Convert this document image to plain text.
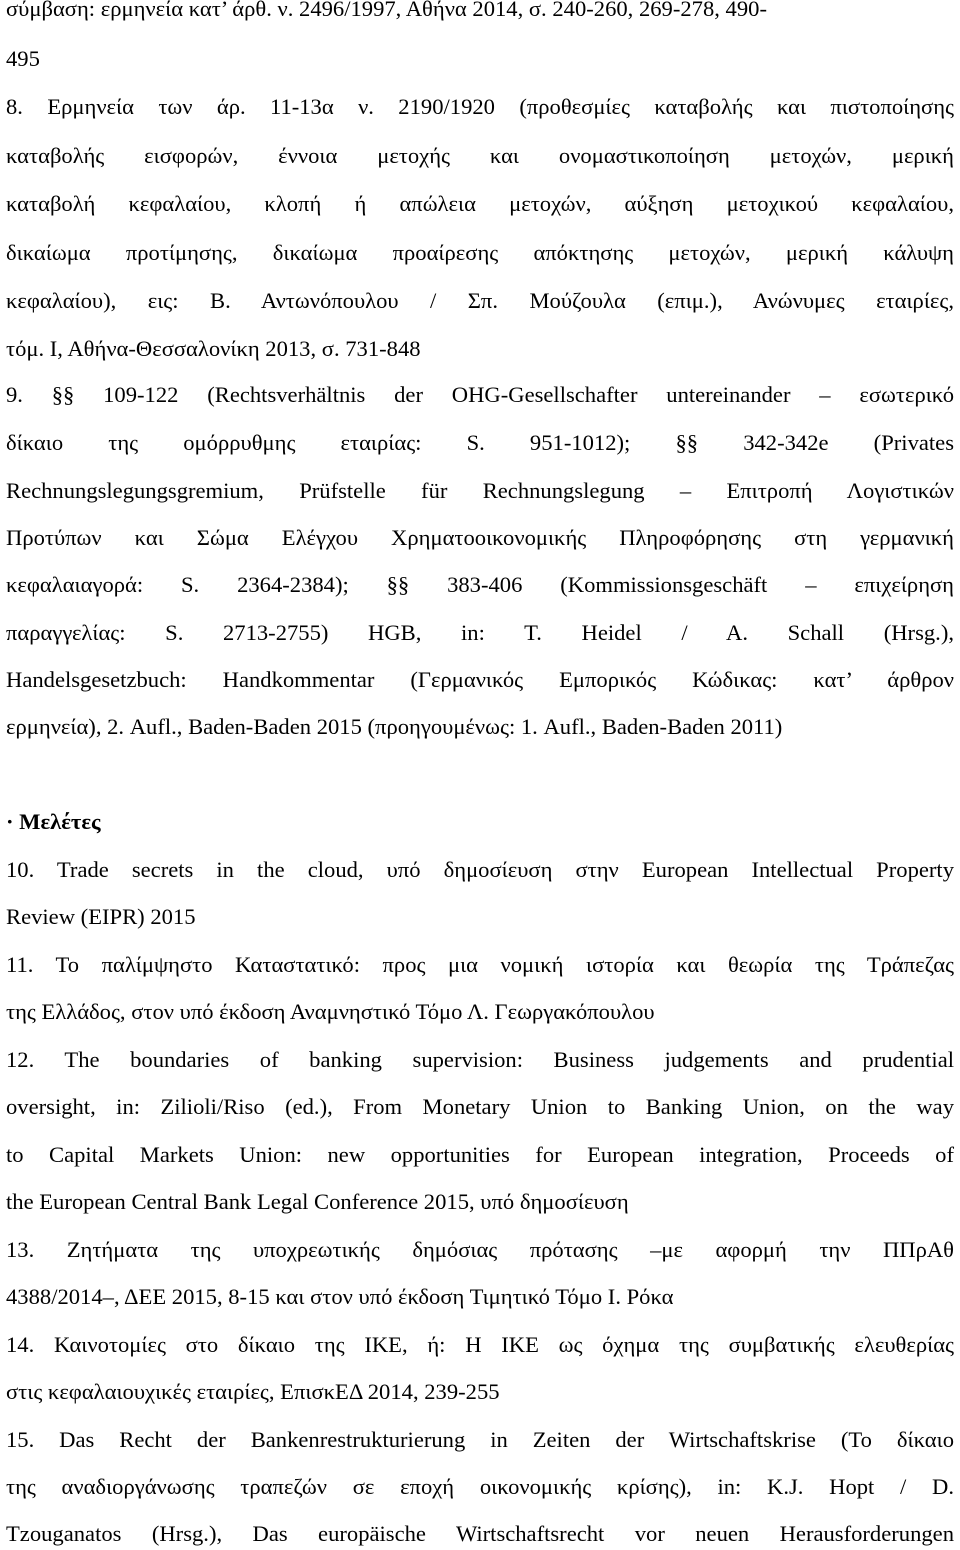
σύμβαση: ερμηνεία κατ’ άρθ. ν. 2496/1997, Αθήνα 2014, σ. 240-260, 269-278, 490-
495
8. Ερμηνεία των άρ. 11-13α ν. 2190/1920 (προθεσμίες καταβολής και πιστοποίησης
καταβολής εισφορών, έννοια μετοχής και ονομαστικοποίηση μετοχών, μερική
καταβολή κεφαλαίου, κλοπή ή απώλεια μετοχών, αύξηση μετοχικού κεφαλαίου,
δικαίωμα προτίμησης, δικαίωμα προαίρεσης απόκτησης μετοχών, μερική κάλυψη
κεφαλαίου), εις: Β. Αντωνόπουλου / Σπ. Μούζουλα (επιμ.), Ανώνυμες εταιρίες,
τόμ. Ι, Αθήνα-Θεσσαλονίκη 2013, σ. 731-848
9. §§ 109-122 (Rechtsverhältnis der OHG-Gesellschafter untereinander – εσωτερικό
δίκαιο της ομόρρυθμης εταιρίας: S. 951-1012); §§ 342-342e (Privates
Rechnungslegungsgremium, Prüfstelle für Rechnungslegung – Επιτροπή Λογιστικών
Προτύπων και Σώμα Ελέγχου Χρηματοοικονομικής Πληροφόρησης στη γερμανική
κεφαλαιαγορά: S. 2364-2384); §§ 383-406 (Kommissionsgeschäft – επιχείρηση
παραγγελίας: S. 2713-2755) HGB, in: T. Heidel / A. Schall (Hrsg.),
Handelsgesetzbuch: Handkommentar (Γερμανικός Εμπορικός Κώδικας: κατ’ άρθρον
ερμηνεία), 2. Aufl., Baden-Baden 2015 (προηγουμένως: 1. Aufl., Baden-Baden 2011)
· Μελέτες
10. Trade secrets in the cloud, υπό δημοσίευση στην European Intellectual Property
Review (EIPR) 2015
11. Το παλίμψηστο Καταστατικό: προς μια νομική ιστορία και θεωρία της Τράπεζας
της Ελλάδος, στον υπό έκδοση Αναμνηστικό Τόμο Λ. Γεωργακόπουλου
12. The boundaries of banking supervision: Business judgements and prudential
oversight, in: Zilioli/Riso (ed.), From Monetary Union to Banking Union, on the way
to Capital Markets Union: new opportunities for European integration, Proceeds of
the European Central Bank Legal Conference 2015, υπό δημοσίευση
13. Ζητήματα της υποχρεωτικής δημόσιας πρότασης –με αφορμή την ΠΠρΑθ
4388/2014–, ΔΕΕ 2015, 8-15 και στον υπό έκδοση Τιμητικό Τόμο Ι. Ρόκα
14. Καινοτομίες στο δίκαιο της ΙΚΕ, ή: Η ΙΚΕ ως όχημα της συμβατικής ελευθερίας
στις κεφαλαιουχικές εταιρίες, ΕπισκΕΔ 2014, 239-255
15. Das Recht der Bankenrestrukturierung in Zeiten der Wirtschaftskrise (Το δίκαιο
της αναδιοργάνωσης τραπεζών σε εποχή οικονομικής κρίσης), in: K.J. Hopt / D.
Tzouganatos (Hrsg.), Das europäische Wirtschaftsrecht vor neuen Herausforderungen
